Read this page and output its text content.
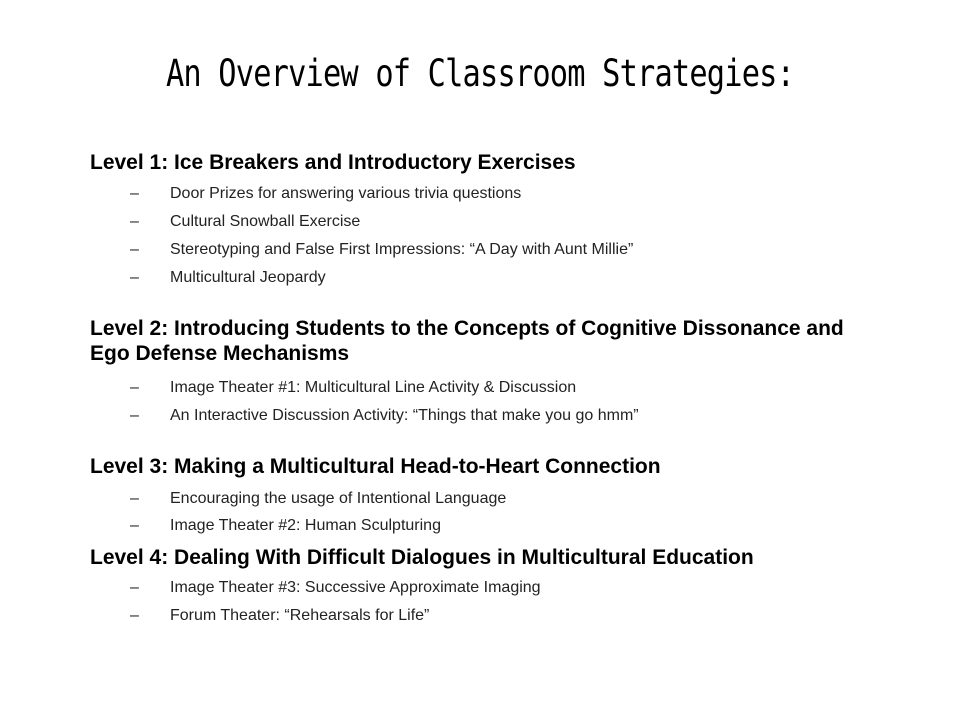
An Overview of Classroom Strategies:
Level 1: Ice Breakers and Introductory Exercises
– Door Prizes for answering various trivia questions
– Cultural Snowball Exercise
– Stereotyping and False First Impressions: “A Day with Aunt Millie”
– Multicultural Jeopardy
Level 2: Introducing Students to the Concepts of Cognitive Dissonance and Ego Defense Mechanisms
– Image Theater #1: Multicultural Line Activity & Discussion
– An Interactive Discussion Activity: “Things that make you go hmm”
Level 3: Making a Multicultural Head-to-Heart Connection
– Encouraging the usage of Intentional Language
– Image Theater #2: Human Sculpturing
Level 4: Dealing With Difficult Dialogues in Multicultural Education
– Image Theater #3: Successive Approximate Imaging
– Forum Theater: “Rehearsals for Life”
